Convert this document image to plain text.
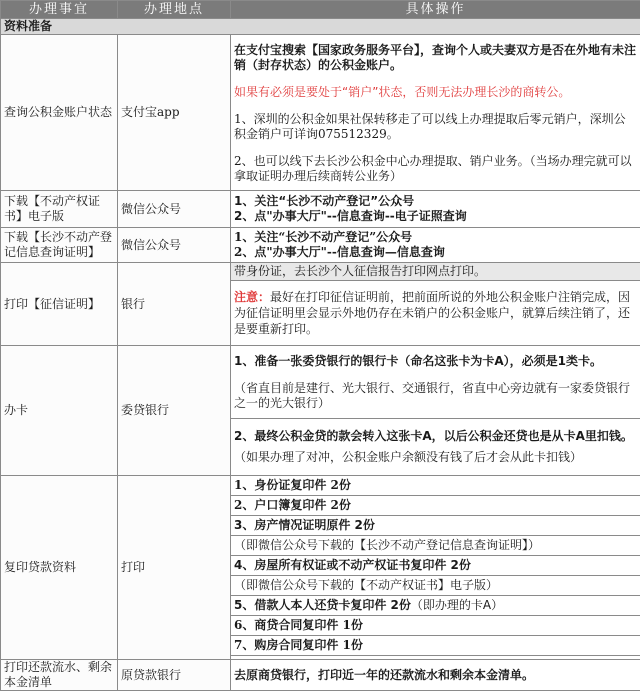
办理事宜	办理地点	具体操作
资料准备		
查询公积金账户状态	支付宝app	在支付宝搜索【国家政务服务平台】，查询个人或夫妻双方是否在外地有未注销（封存状态）的公积金账户。
如果有必须是要处于“销户”状态，否则无法办理长沙的商转公。
1、深圳的公积金如果社保转移走了可以线上办理提取后零元销户，深圳公积金销户可详询075512329。
2、也可以线下去长沙公积金中心办理提取、销户业务。（当场办理完就可以拿取证明办理后续商转公业务）

下载【不动产权证书】电子版	微信公众号	1、关注“长沙不动产登记”公众号
2、点"办事大厅"--信息查询--电子证照查询

下载【长沙不动产登记信息查询证明】	微信公众号	1、关注“长沙不动产登记”公众号
2、点"办事大厅"--信息查询—信息查询

打印【征信证明】	银行	带身份证，去长沙个人征信报告打印网点打印。
		注意：最好在打印征信证明前，把前面所说的外地公积金账户注销完成，因为征信证明里会显示外地仍存在未销户的公积金账户，就算后续注销了，还是要重新打印。
办卡	委贷银行	1、准备一张委贷银行的银行卡（命名这张卡为卡A），必须是1类卡。
（省直目前是建行、光大银行、交通银行，省直中心旁边就有一家委贷银行之一的光大银行）

		2、最终公积金贷的款会转入这张卡A，以后公积金还贷也是从卡A里扣钱。
（如果办理了对冲，公积金账户余额没有钱了后才会从此卡扣钱）

复印贷款资料	打印	1、身份证复印件 2份
		2、户口簿复印件 2份
		3、房产情况证明原件 2份
		（即微信公众号下载的【长沙不动产登记信息查询证明】）
		4、房屋所有权证或不动产权证书复印件 2份
		（即微信公众号下载的【不动产权证书】电子版）
		5、借款人本人还贷卡复印件 2份（即办理的卡A）
		6、商贷合同复印件 1份
		7、购房合同复印件 1份

打印还款流水、剩余本金清单	原贷款银行	去原商贷银行，打印近一年的还款流水和剩余本金清单。
